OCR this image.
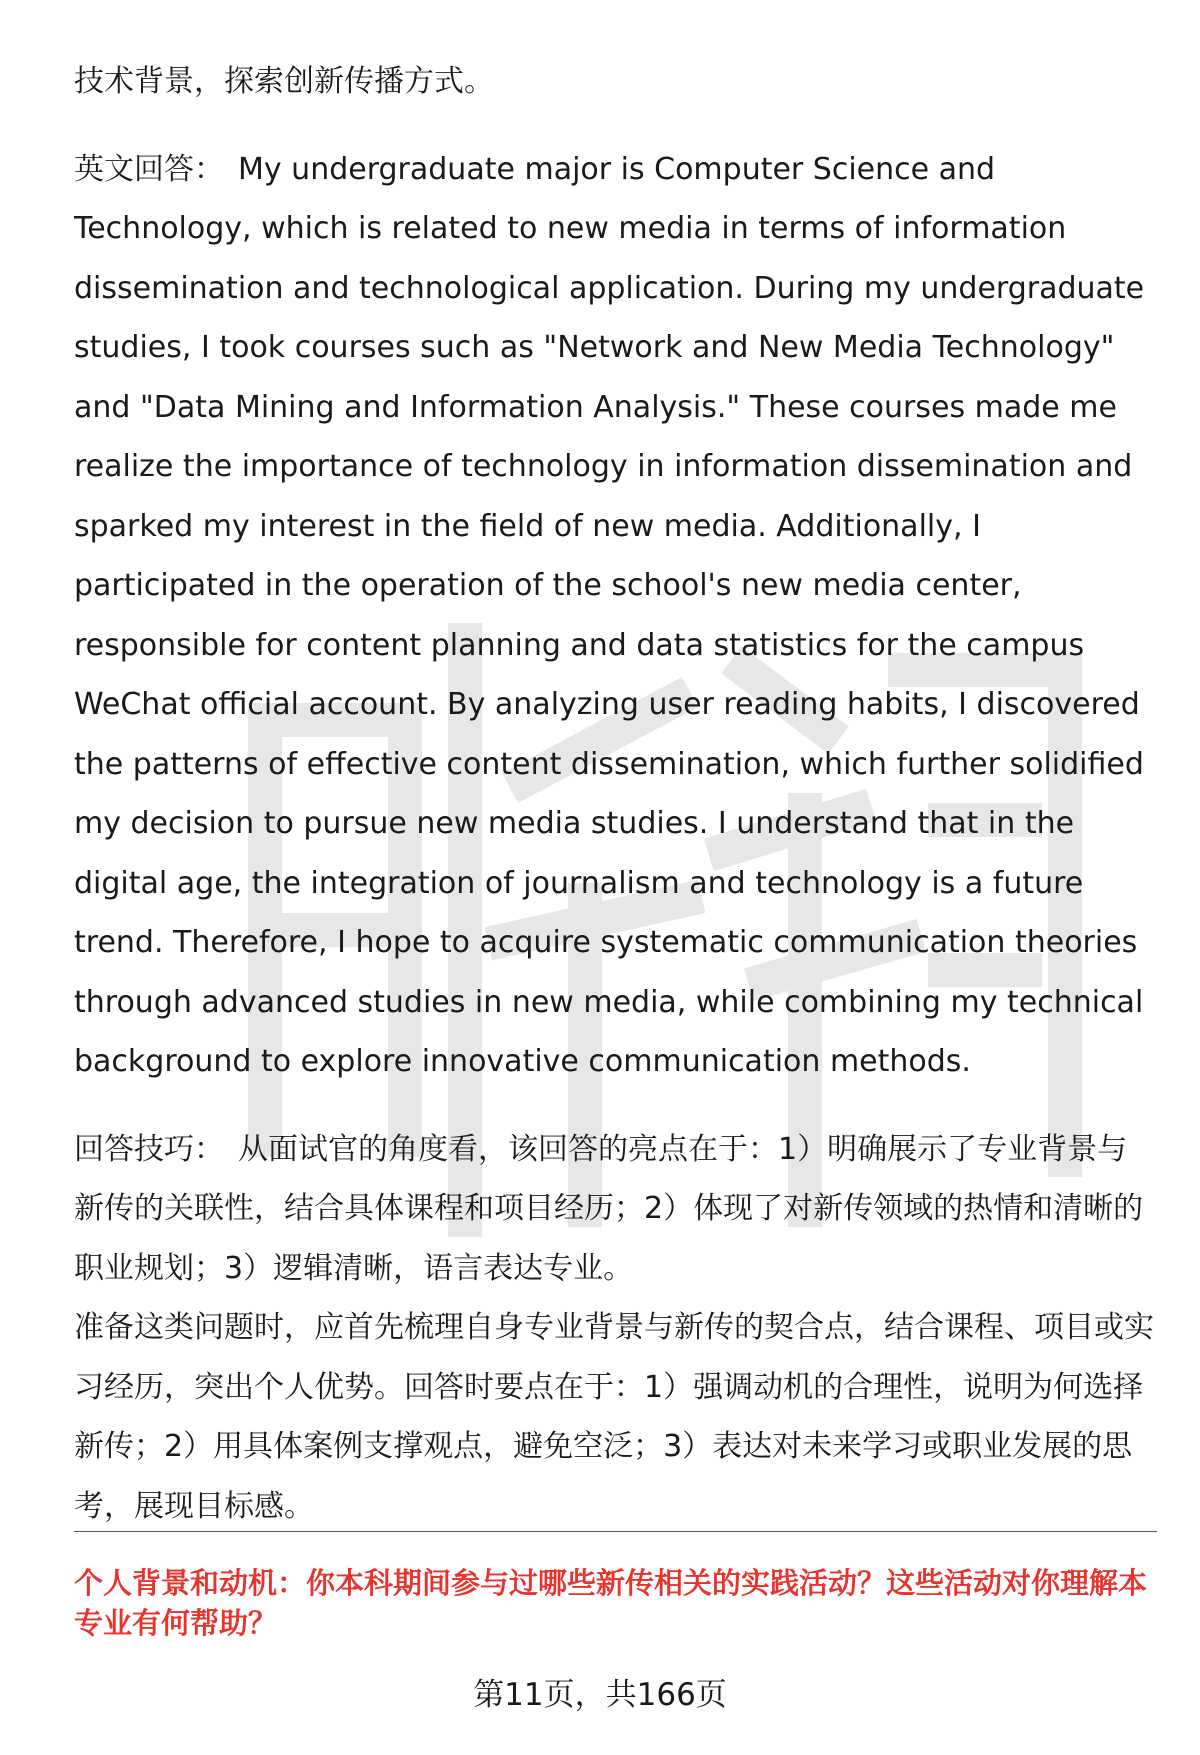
技术背景，探索创新传播方式。

英文回答： My undergraduate major is Computer Science and Technology, which is related to new media in terms of information dissemination and technological application. During my undergraduate studies, I took courses such as "Network and New Media Technology" and "Data Mining and Information Analysis." These courses made me realize the importance of technology in information dissemination and sparked my interest in the field of new media. Additionally, I participated in the operation of the school's new media center, responsible for content planning and data statistics for the campus WeChat official account. By analyzing user reading habits, I discovered the patterns of effective content dissemination, which further solidified my decision to pursue new media studies. I understand that in the digital age, the integration of journalism and technology is a future trend. Therefore, I hope to acquire systematic communication theories through advanced studies in new media, while combining my technical background to explore innovative communication methods.

回答技巧： 从面试官的角度看，该回答的亮点在于：1）明确展示了专业背景与新传的关联性，结合具体课程和项目经历；2）体现了对新传领域的热情和清晰的职业规划；3）逻辑清晰，语言表达专业。

准备这类问题时，应首先梳理自身专业背景与新传的契合点，结合课程、项目或实习经历，突出个人优势。回答时要点在于：1）强调动机的合理性，说明为何选择新传；2）用具体案例支撑观点，避免空泛；3）表达对未来学习或职业发展的思考，展现目标感。

个人背景和动机：你本科期间参与过哪些新传相关的实践活动？这些活动对你理解本专业有何帮助？

第11页，共166页
